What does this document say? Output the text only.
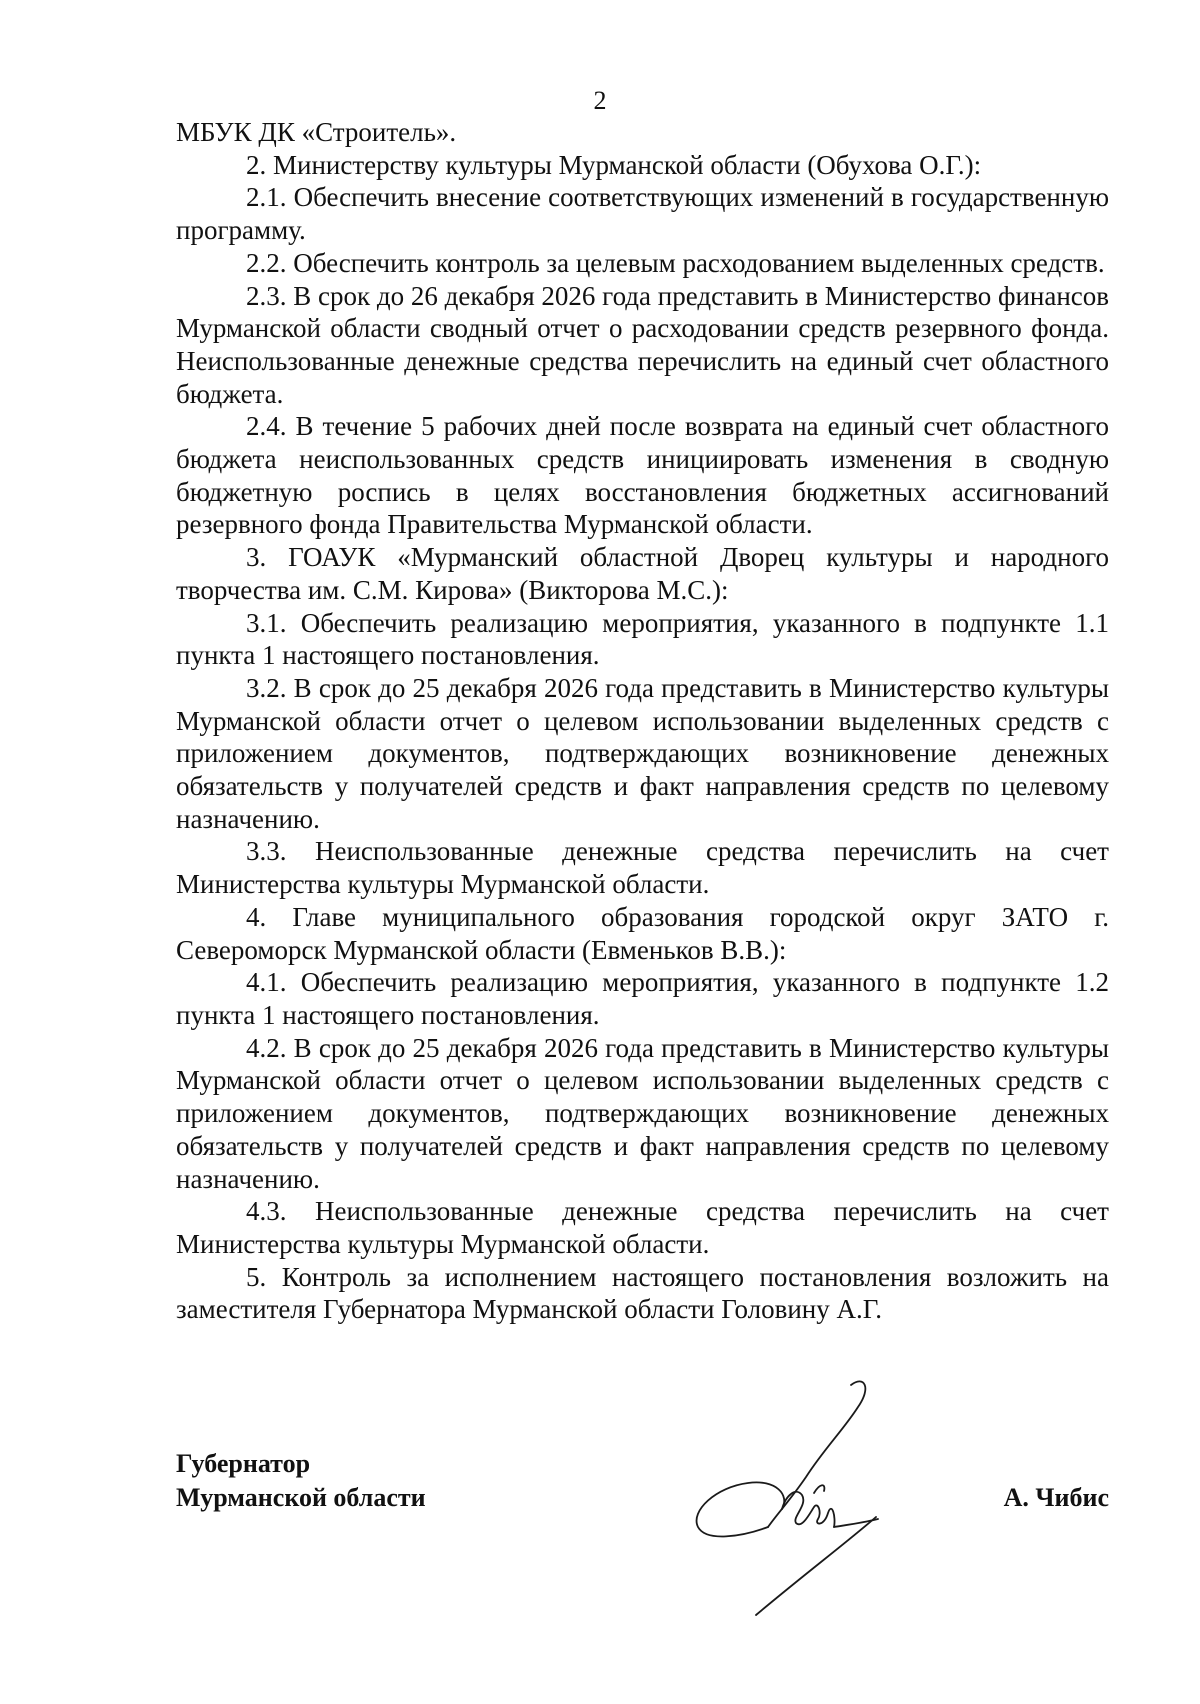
2

МБУК ДК «Строитель».

2. Министерству культуры Мурманской области (Обухова О.Г.):

2.1. Обеспечить внесение соответствующих изменений в государственную программу.

2.2. Обеспечить контроль за целевым расходованием выделенных средств.

2.3. В срок до 26 декабря 2026 года представить в Министерство финансов Мурманской области сводный отчет о расходовании средств резервного фонда. Неиспользованные денежные средства перечислить на единый счет областного бюджета.

2.4. В течение 5 рабочих дней после возврата на единый счет областного бюджета неиспользованных средств инициировать изменения в сводную бюджетную роспись в целях восстановления бюджетных ассигнований резервного фонда Правительства Мурманской области.

3. ГОАУК «Мурманский областной Дворец культуры и народного творчества им. С.М. Кирова» (Викторова М.С.):

3.1. Обеспечить реализацию мероприятия, указанного в подпункте 1.1 пункта 1 настоящего постановления.

3.2. В срок до 25 декабря 2026 года представить в Министерство культуры Мурманской области отчет о целевом использовании выделенных средств с приложением документов, подтверждающих возникновение денежных обязательств у получателей средств и факт направления средств по целевому назначению.

3.3. Неиспользованные денежные средства перечислить на счет Министерства культуры Мурманской области.

4. Главе муниципального образования городской округ ЗАТО г. Североморск Мурманской области (Евменьков В.В.):

4.1. Обеспечить реализацию мероприятия, указанного в подпункте 1.2 пункта 1 настоящего постановления.

4.2. В срок до 25 декабря 2026 года представить в Министерство культуры Мурманской области отчет о целевом использовании выделенных средств с приложением документов, подтверждающих возникновение денежных обязательств у получателей средств и факт направления средств по целевому назначению.

4.3. Неиспользованные денежные средства перечислить на счет Министерства культуры Мурманской области.

5. Контроль за исполнением настоящего постановления возложить на заместителя Губернатора Мурманской области Головину А.Г.

Губернатор
Мурманской области	А. Чибис
